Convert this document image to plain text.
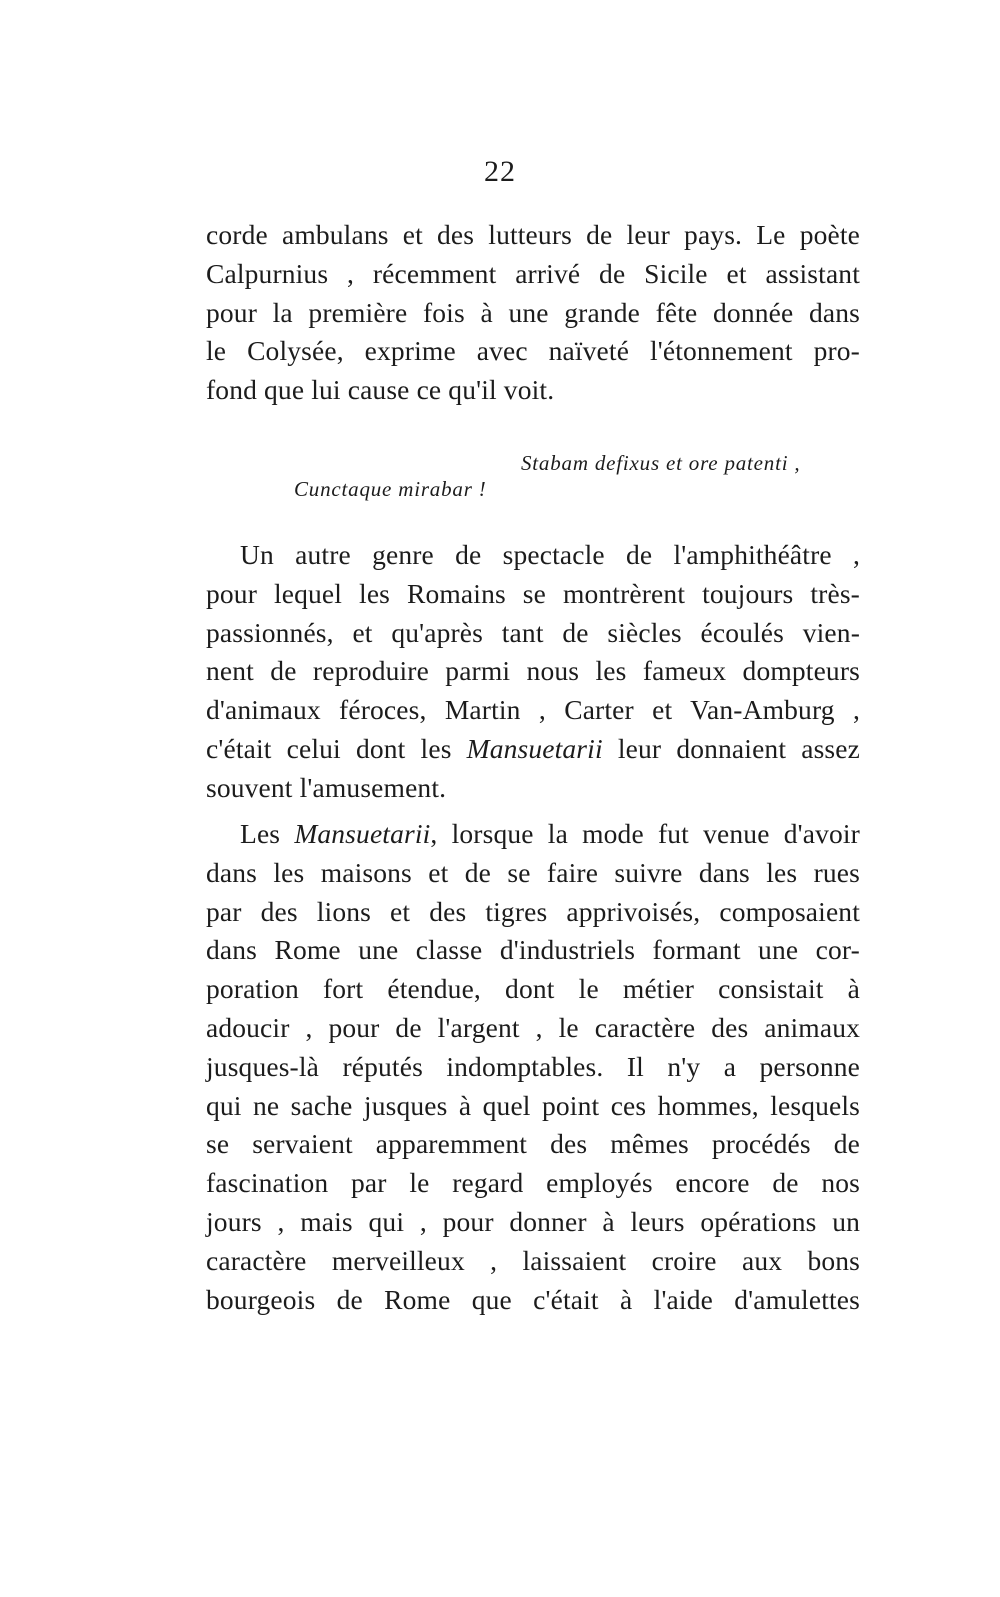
22
corde ambulans et des lutteurs de leur pays. Le poète
Calpurnius , récemment arrivé de Sicile et assistant
pour la première fois à une grande fête donnée dans
le Colysée, exprime avec naïveté l'étonnement pro-
fond que lui cause ce qu'il voit.
Stabam defixus et ore patenti ,
Cunctaque mirabar !
Un autre genre de spectacle de l'amphithéâtre ,
pour lequel les Romains se montrèrent toujours très-
passionnés, et qu'après tant de siècles écoulés vien-
nent de reproduire parmi nous les fameux dompteurs
d'animaux féroces, Martin , Carter et Van-Amburg ,
c'était celui dont les Mansuetarii leur donnaient assez
souvent l'amusement.
Les Mansuetarii, lorsque la mode fut venue d'avoir
dans les maisons et de se faire suivre dans les rues
par des lions et des tigres apprivoisés, composaient
dans Rome une classe d'industriels formant une cor-
poration fort étendue, dont le métier consistait à
adoucir , pour de l'argent , le caractère des animaux
jusques-là réputés indomptables. Il n'y a personne
qui ne sache jusques à quel point ces hommes, lesquels
se servaient apparemment des mêmes procédés de
fascination par le regard employés encore de nos
jours , mais qui , pour donner à leurs opérations un
caractère merveilleux , laissaient croire aux bons
bourgeois de Rome que c'était à l'aide d'amulettes
